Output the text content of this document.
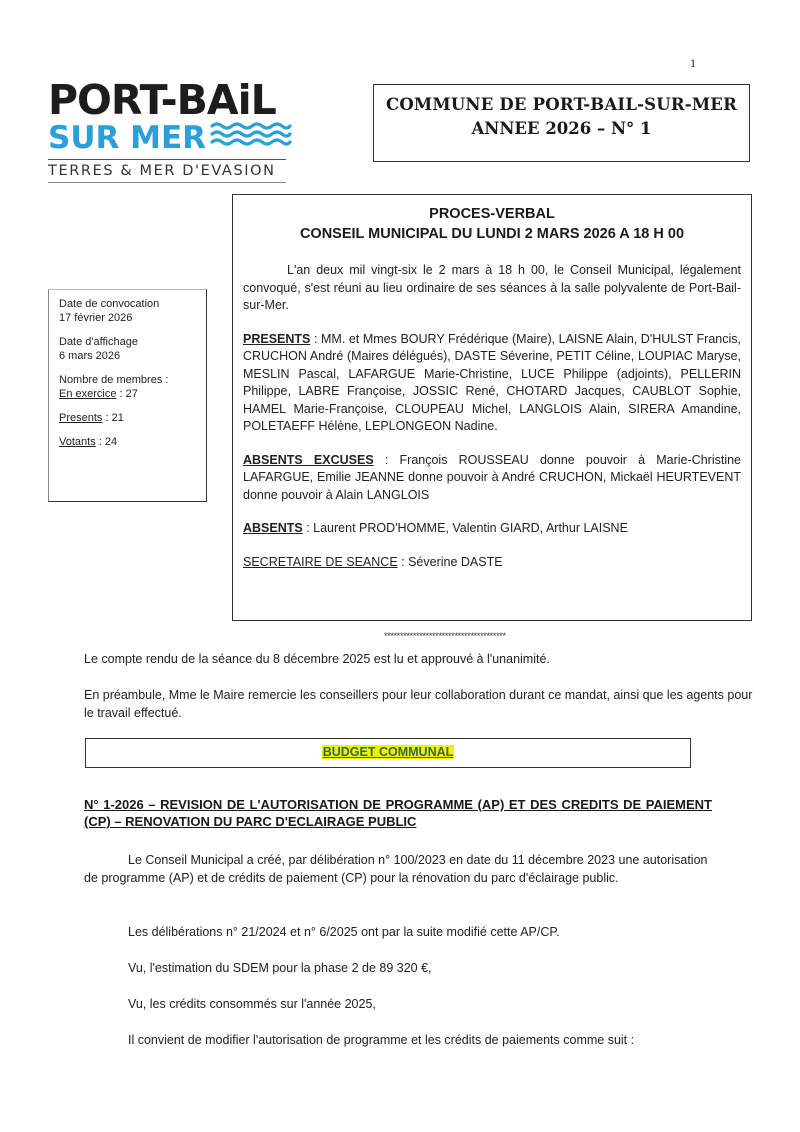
1
PORT-BAiL
SUR MER
TERRES & MER D'EVASION
COMMUNE DE PORT-BAIL-SUR-MER
ANNEE 2026 – N° 1
Date de convocation
17 février 2026
Date d'affichage
6 mars 2026
Nombre de membres :
En exercice : 27
Presents : 21
Votants : 24
PROCES-VERBAL
CONSEIL MUNICIPAL DU LUNDI 2 MARS 2026 A 18 H 00
L'an deux mil vingt-six le 2 mars à 18 h 00, le Conseil Municipal, légalement convoqué, s'est réuni au lieu ordinaire de ses séances à la salle polyvalente de Port-Bail-sur-Mer.
PRESENTS : MM. et Mmes BOURY Frédérique (Maire), LAISNE Alain, D'HULST Francis, CRUCHON André (Maires délégués), DASTE Séverine, PETIT Céline, LOUPIAC Maryse, MESLIN Pascal, LAFARGUE Marie-Christine, LUCE Philippe (adjoints), PELLERIN Philippe, LABRE Françoise, JOSSIC René, CHOTARD Jacques, CAUBLOT Sophie, HAMEL Marie-Françoise, CLOUPEAU Michel, LANGLOIS Alain, SIRERA Amandine, POLETAEFF Hélène, LEPLONGEON Nadine.
ABSENTS EXCUSES : François ROUSSEAU donne pouvoir à Marie-Christine LAFARGUE, Emilie JEANNE donne pouvoir à André CRUCHON, Mickaël HEURTEVENT donne pouvoir à Alain LANGLOIS
ABSENTS : Laurent PROD'HOMME, Valentin GIARD, Arthur LAISNE
SECRETAIRE DE SEANCE : Séverine DASTE
**************************************
Le compte rendu de la séance du 8 décembre 2025 est lu et approuvé à l'unanimité.
En préambule, Mme le Maire remercie les conseillers pour leur collaboration durant ce mandat, ainsi que les agents pour le travail effectué.
BUDGET COMMUNAL
N° 1-2026 – REVISION DE L'AUTORISATION DE PROGRAMME (AP) ET DES CREDITS DE PAIEMENT (CP) – RENOVATION DU PARC D'ECLAIRAGE PUBLIC
Le Conseil Municipal a créé, par délibération n° 100/2023 en date du 11 décembre 2023 une autorisation de programme (AP) et de crédits de paiement (CP) pour la rénovation du parc d'éclairage public.
Les délibérations n° 21/2024 et n° 6/2025 ont par la suite modifié cette AP/CP.
Vu, l'estimation du SDEM pour la phase 2 de 89 320 €,
Vu, les crédits consommés sur l'année 2025,
Il convient de modifier l'autorisation de programme et les crédits de paiements comme suit :
